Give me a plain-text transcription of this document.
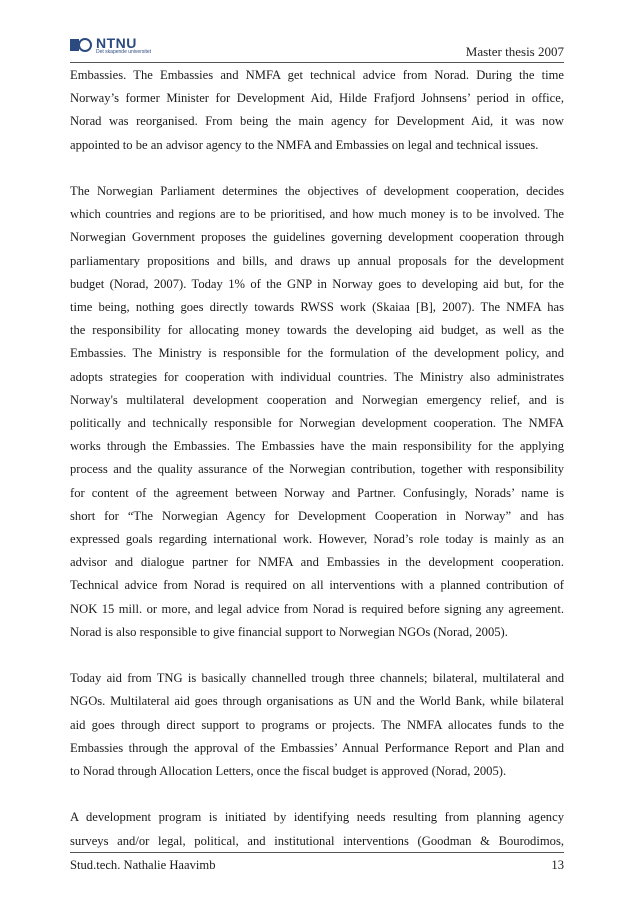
NTNU
Det skapende universitet	Master thesis 2007

Embassies. The Embassies and NMFA get technical advice from Norad. During the time
Norway’s former Minister for Development Aid, Hilde Frafjord Johnsens’ period in office,
Norad was reorganised. From being the main agency for Development Aid, it was now
appointed to be an advisor agency to the NMFA and Embassies on legal and technical issues.

The Norwegian Parliament determines the objectives of development cooperation, decides
which countries and regions are to be prioritised, and how much money is to be involved. The
Norwegian Government proposes the guidelines governing development cooperation through
parliamentary propositions and bills, and draws up annual proposals for the development
budget (Norad, 2007). Today 1% of the GNP in Norway goes to developing aid but, for the
time being, nothing goes directly towards RWSS work (Skaiaa [B], 2007). The NMFA has
the responsibility for allocating money towards the developing aid budget, as well as the
Embassies. The Ministry is responsible for the formulation of the development policy, and
adopts strategies for cooperation with individual countries. The Ministry also administrates
Norway's multilateral development cooperation and Norwegian emergency relief, and is
politically and technically responsible for Norwegian development cooperation. The NMFA
works through the Embassies. The Embassies have the main responsibility for the applying
process and the quality assurance of the Norwegian contribution, together with responsibility
for content of the agreement between Norway and Partner. Confusingly, Norads’ name is
short for “The Norwegian Agency for Development Cooperation in Norway” and has
expressed goals regarding international work. However, Norad’s role today is mainly as an
advisor and dialogue partner for NMFA and Embassies in the development cooperation.
Technical advice from Norad is required on all interventions with a planned contribution of
NOK 15 mill. or more, and legal advice from Norad is required before signing any agreement.
Norad is also responsible to give financial support to Norwegian NGOs (Norad, 2005).

Today aid from TNG is basically channelled trough three channels; bilateral, multilateral and
NGOs. Multilateral aid goes through organisations as UN and the World Bank, while bilateral
aid goes through direct support to programs or projects. The NMFA allocates funds to the
Embassies through the approval of the Embassies’ Annual Performance Report and Plan and
to Norad through Allocation Letters, once the fiscal budget is approved (Norad, 2005).

A development program is initiated by identifying needs resulting from planning agency
surveys and/or legal, political, and institutional interventions (Goodman & Bourodimos,

Stud.tech. Nathalie Haavimb	13
